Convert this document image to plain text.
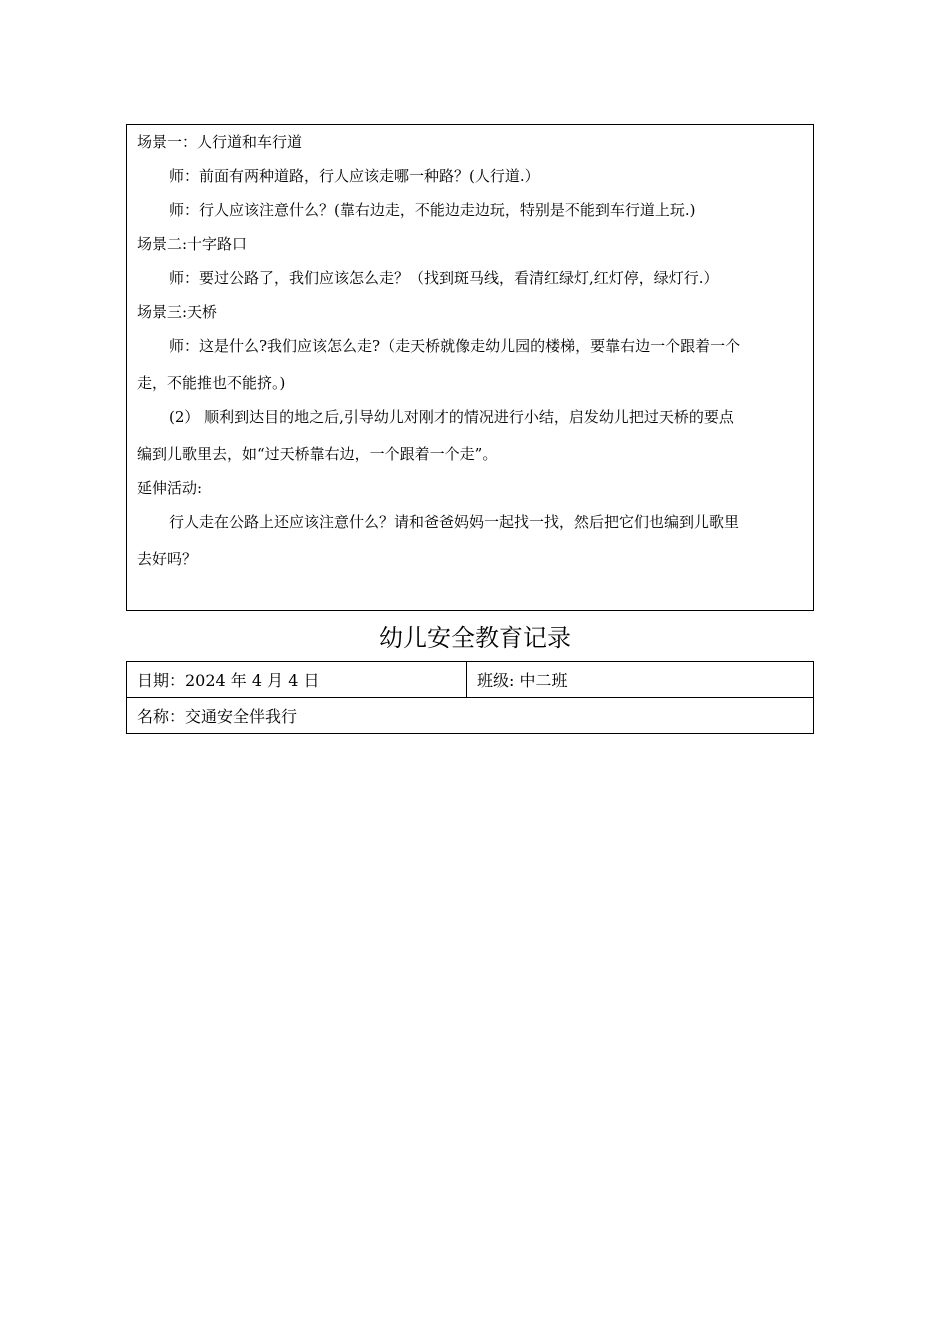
场景一：人行道和车行道

师：前面有两种道路，行人应该走哪一种路？(人行道.）

师：行人应该注意什么？(靠右边走，不能边走边玩，特别是不能到车行道上玩.)

场景二:十字路口

师：要过公路了，我们应该怎么走？（找到斑马线，看清红绿灯,红灯停，绿灯行.）

场景三:天桥

师：这是什么?我们应该怎么走?（走天桥就像走幼儿园的楼梯，要靠右边一个跟着一个

走，不能推也不能挤。)

(2） 顺利到达目的地之后,引导幼儿对刚才的情况进行小结，启发幼儿把过天桥的要点

编到儿歌里去，如“过天桥靠右边，一个跟着一个走”。

延伸活动:

行人走在公路上还应该注意什么？请和爸爸妈妈一起找一找，然后把它们也编到儿歌里

去好吗？

幼儿安全教育记录
日期：2024 年 4 月 4 日	班级: 中二班
名称：交通安全伴我行
